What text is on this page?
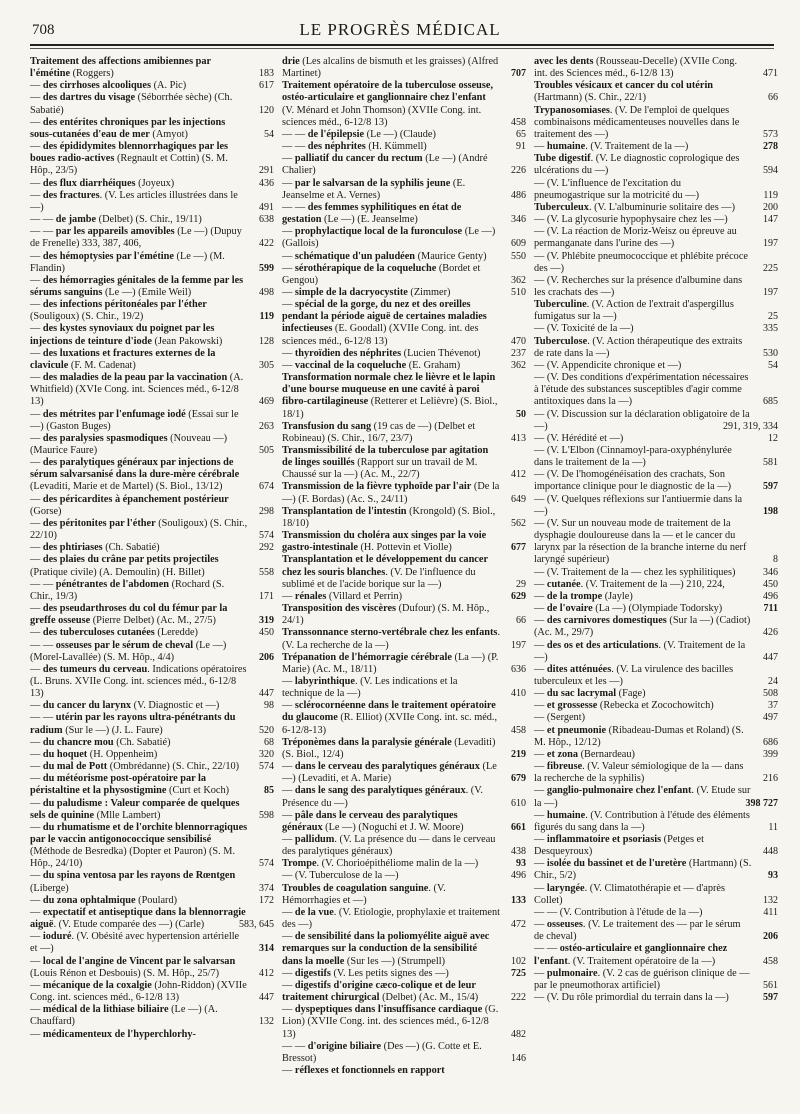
708	LE PROGRÈS MÉDICAL
Traitement des affections amibiennes par l'émétine (Roggers)	183
— des cirrhoses alcooliques (A. Pic)	617
— des dartres du visage (Séborrhée sèche) (Ch. Sabatié)	120
— des entérites chroniques par les injections sous-cutanées d'eau de mer (Amyot)	54
— des épididymites blennorrhagiques par les boues radio-actives (Regnault et Cottin) (S. M. Hôp., 23/5)	291
— des flux diarrhéiques (Joyeux)	436
— des fractures. (V. Les articles illustrées dans le —)	491
— — de jambe (Delbet) (S. Chir., 19/11)	638
— — par les appareils amovibles (Le —) (Dupuy de Frenelle) 333, 387, 406,	422
— des hémoptysies par l'émétine (Le —) (M. Flandin)	599
— des hémorragies génitales de la femme par les sérums sanguins (Le —) (Emile Weil)	498
— des infections péritonéales par l'éther (Souligoux) (S. Chir., 19/2)	119
— des kystes synoviaux du poignet par les injections de teinture d'iode (Jean Pakowski)	128
— des luxations et fractures externes de la clavicule (F. M. Cadenat)	305
— des maladies de la peau par la vaccination (A. Whitfield) (XVIe Cong. int. Sciences méd., 6-12/8 13)	469
— des métrites par l'enfumage iodé (Essai sur le —) (Gaston Buges)	263
— des paralysies spasmodiques (Nouveau —) (Maurice Faure)	505
— des paralytiques généraux par injections de sérum salvarsanisé dans la dure-mère cérébrale (Levaditi, Marie et de Martel) (S. Biol., 13/12)	674
— des péricardites à épanchement postérieur (Gorse)	298
— des péritonites par l'éther (Souligoux) (S. Chir., 22/10)	574
— des phtiriases (Ch. Sabatié)	292
— des plaies du crâne par petits projectiles (Pratique civile) (A. Demoulin) (H. Billet)	558
— — pénétrantes de l'abdomen (Rochard (S. Chir., 19/3)	171
— des pseudarthroses du col du fémur par la greffe osseuse (Pierre Delbet) (Ac. M., 27/5)	319
— des tuberculoses cutanées (Leredde)	450
— — osseuses par le sérum de cheval (Le —) (Morel-Lavallée) (S. M. Hôp., 4/4)	206
— des tumeurs du cerveau. Indications opératoires (L. Bruns. XVIIe Cong. int. sciences méd., 6-12/8 13)	447
— du cancer du larynx (V. Diagnostic et —)	98
— — utérin par les rayons ultra-pénétrants du radium (Sur le —) (J. L. Faure)	520
— du chancre mou (Ch. Sabatié)	68
— du hoquet (H. Oppenheim)	320
— du mal de Pott (Ombrédanne) (S. Chir., 22/10)	574
— du météorisme post-opératoire par la péristaltine et la physostigmine (Curt et Koch)	85
— du paludisme : Valeur comparée de quelques sels de quinine (Mlle Lambert)	598
— du rhumatisme et de l'orchite blennorragiques par le vaccin antigonococcique sensibilisé (Méthode de Besredka) (Dopter et Pauron) (S. M. Hôp., 24/10)	574
— du spina ventosa par les rayons de Rœntgen (Liberge)	374
— du zona ophtalmique (Poulard)	172
— expectatif et antiseptique dans la blennorragie aiguë. (V. Etude comparée des —) (Carle)	583, 645
— ioduré. (V. Obésité avec hypertension artérielle et —)	314
— local de l'angine de Vincent par le salvarsan (Louis Rénon et Desbouis) (S. M. Hôp., 25/7)	412
— mécanique de la coxalgie (John-Riddon) (XVIIe Cong. int. sciences méd., 6-12/8 13)	447
— médical de la lithiase biliaire (Le —) (A. Chauffard)	132
— médicamenteux de l'hyperchlorhy-
drie (Les alcalins de bismuth et les graisses) (Alfred Martinet)	707
Traitement opératoire de la tuberculose osseuse, ostéo-articulaire et ganglionnaire chez l'enfant (V. Ménard et John Thomson) (XVIIe Cong. int. sciences méd., 6-12/8 13)	458
— — de l'épilepsie (Le —) (Claude)	65
— — des néphrites (H. Kümmell)	91
— palliatif du cancer du rectum (Le —) (André Chalier)	226
— par le salvarsan de la syphilis jeune (E. Jeanselme et A. Vernes)	486
— — des femmes syphilitiques en état de gestation (Le —) (E. Jeanselme)	346
— prophylactique local de la furonculose (Le —) (Gallois)	609
— schématique d'un paludéen (Maurice Genty)	550
— sérothérapique de la coqueluche (Bordet et Gengou)	362
— simple de la dacryocystite (Zimmer)	510
— spécial de la gorge, du nez et des oreilles pendant la période aiguë de certaines maladies infectieuses (E. Goodall) (XVIIe Cong. int. des sciences méd., 6-12/8 13)	470
— thyroïdien des néphrites (Lucien Thévenot)	237
— vaccinal de la coqueluche (E. Graham)	362
Transformation normale chez le lièvre et le lapin d'une bourse muqueuse en une cavité à paroi fibro-cartilagineuse (Retterer et Lelièvre) (S. Biol., 18/1)	50
Transfusion du sang (19 cas de —) (Delbet et Robineau) (S. Chir., 16/7, 23/7)	413
Transmissibilité de la tuberculose par agitation de linges souillés (Rapport sur un travail de M. Chaussé sur la —) (Ac. M., 22/7)	412
Transmission de la fièvre typhoïde par l'air (De la —) (F. Bordas) (Ac. S., 24/11)	649
Transplantation de l'intestin (Krongold) (S. Biol., 18/10)	562
Transmission du choléra aux singes par la voie gastro-intestinale (H. Pottevin et Violle)	677
Transplantation et le développement du cancer chez les souris blanches. (V. De l'influence du sublimé et de l'acide borique sur la —)	29
— rénales (Villard et Perrin)	629
Transposition des viscères (Dufour) (S. M. Hôp., 24/1)	66
Transsonnance sterno-vertébrale chez les enfants. (V. La recherche de la —)	197
Trépanation de l'hémorragie cérébrale (La —) (P. Marie) (Ac. M., 18/11)	636
— labyrinthique. (V. Les indications et la technique de la —)	410
— sclérocornéenne dans le traitement opératoire du glaucome (R. Elliot) (XVIIe Cong. int. sc. méd., 6-12/8-13)	458
Tréponèmes dans la paralysie générale (Levaditi) (S. Biol., 12/4)	219
— dans le cerveau des paralytiques généraux (Le —) (Levaditi, et A. Marie)	679
— dans le sang des paralytiques généraux. (V. Présence du —)	610
— pâle dans le cerveau des paralytiques généraux (Le —) (Noguchi et J. W. Moore)	661
— pallidum. (V. La présence du — dans le cerveau des paralytiques généraux)	438
Trompe. (V. Chorioépithéliome malin de la —)	93
— (V. Tuberculose de la —)	496
Troubles de coagulation sanguine. (V. Hémorrhagies et —)	133
— de la vue. (V. Etiologie, prophylaxie et traitement des —)	472
— de sensibilité dans la poliomyélite aiguë avec remarques sur la conduction de la sensibilité dans la moelle (Sur les —) (Strumpell)	102
— digestifs (V. Les petits signes des —)	725
— digestifs d'origine cæco-colique et de leur traitement chirurgical (Delbet) (Ac. M., 15/4)	222
— dyspeptiques dans l'insuffisance cardiaque (G. Lion) (XVIIe Cong. int. des sciences méd., 6-12/8 13)	482
— — d'origine biliaire (Des —) (G. Cotte et E. Bressot)	146
— réflexes et fonctionnels en rapport
avec les dents (Rousseau-Decelle) (XVIIe Cong. int. des Sciences méd., 6-12/8 13)	471
Troubles vésicaux et cancer du col utérin (Hartmann) (S. Chir., 22/1)	66
Trypanosomiases. (V. De l'emploi de quelques combinaisons médicamenteuses nouvelles dans le traitement des —)	573
— humaine. (V. Traitement de la —)	278
Tube digestif. (V. Le diagnostic coprologique des ulcérations du —)	594
— (V. L'influence de l'excitation du pneumogastrique sur la motricité du —)	119
Tuberculeux. (V. L'albuminurie solitaire des —)	200
— (V. La glycosurie hypophysaire chez les —)	147
— (V. La réaction de Moriz-Weisz ou épreuve au permanganate dans l'urine des —)	197
— (V. Phlébite pneumococcique et phlébite précoce des —)	225
— (V. Recherches sur la présence d'albumine dans les crachats des —)	197
Tuberculine. (V. Action de l'extrait d'aspergillus fumigatus sur la —)	25
— (V. Toxicité de la —)	335
Tuberculose. (V. Action thérapeutique des extraits de rate dans la —)	530
— (V. Appendicite chronique et —)	54
— (V. Des conditions d'expérimentation nécessaires à l'étude des substances susceptibles d'agir comme antitoxiques dans la —)	685
— (V. Discussion sur la déclaration obligatoire de la —)	291, 319, 334
— (V. Hérédité et —)	12
— (V. L'Elbon (Cinnamoyl-para-oxyphénylurée dans le traitement de la —)	581
— (V. De l'homogénéisation des crachats, Son importance clinique pour le diagnostic de la —)	597
— (V. Quelques réflexions sur l'antiuermie dans la —)	198
— (V. Sur un nouveau mode de traitement de la dysphagie douloureuse dans la — et le cancer du larynx par la résection de la branche interne du nerf laryngé supérieur)	8
— (V. Traitement de la — chez les syphilitiques)	346
— cutanée. (V. Traitement de la —) 210, 224,	450
— de la trompe (Jayle)	496
— de l'ovaire (La —) (Olympiade Todorsky)	711
— des carnivores domestiques (Sur la —) (Cadiot) (Ac. M., 29/7)	426
— des os et des articulations. (V. Traitement de la —)	447
— dites atténuées. (V. La virulence des bacilles tuberculeux et les —)	24
— du sac lacrymal (Fage)	508
— et grossesse (Rebecka et Zocochowitch)	37
— (Sergent)	497
— et pneumonie (Ribadeau-Dumas et Roland) (S. M. Hôp., 12/12)	686
— et zona (Bernardeau)	399
— fibreuse. (V. Valeur sémiologique de la — dans la recherche de la syphilis)	216
— ganglio-pulmonaire chez l'enfant. (V. Etude sur la —)	398 727
— humaine. (V. Contribution à l'étude des éléments figurés du sang dans la —)	11
— inflammatoire et psoriasis (Petges et Desqueyroux)	448
— isolée du bassinet et de l'uretère (Hartmann) (S. Chir., 5/2)	93
— laryngée. (V. Climatothérapie et — d'après Collet)	132
— — (V. Contribution à l'étude de la —)	411
— osseuses. (V. Le traitement des — par le sérum de cheval)	206
— — ostéo-articulaire et ganglionnaire chez l'enfant. (V. Traitement opératoire de la —)	458
— pulmonaire. (V. 2 cas de guérison clinique de — par le pneumothorax artificiel)	561
— (V. Du rôle primordial du terrain dans la —)	597
